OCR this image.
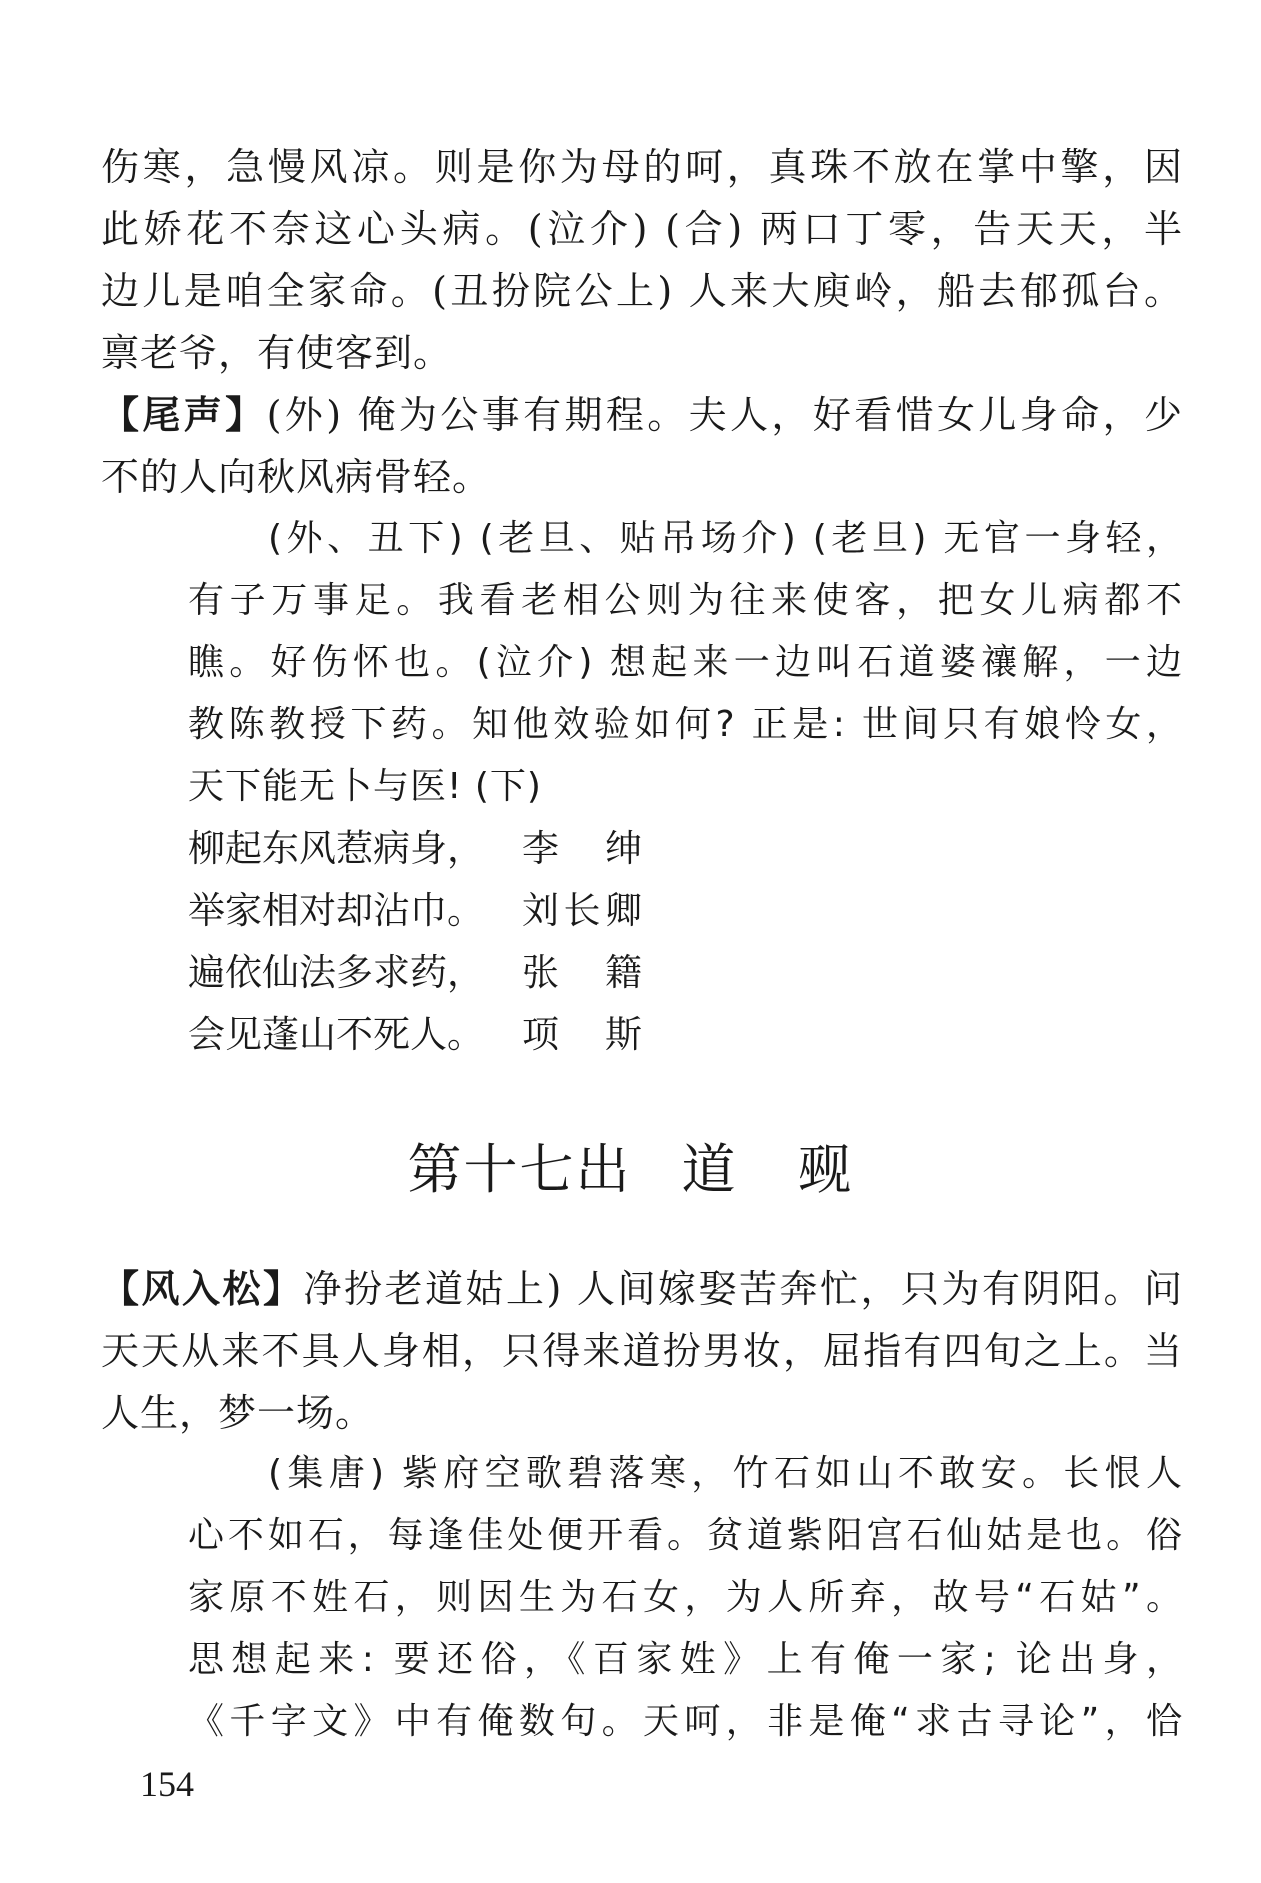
伤寒，急慢风凉。则是你为母的呵，真珠不放在掌中擎，因
此娇花不奈这心头病。(泣介) (合) 两口丁零，告天天，半
边儿是咱全家命。(丑扮院公上) 人来大庾岭，船去郁孤台。
禀老爷，有使客到。
【尾声】(外) 俺为公事有期程。夫人，好看惜女儿身命，少
不的人向秋风病骨轻。
(外、丑下) (老旦、贴吊场介) (老旦) 无官一身轻，
有子万事足。我看老相公则为往来使客，把女儿病都不
瞧。好伤怀也。(泣介) 想起来一边叫石道婆禳解，一边
教陈教授下药。知他效验如何? 正是: 世间只有娘怜女，
天下能无卜与医! (下)
柳起东风惹病身， 李绅
举家相对却沾巾。 刘长卿
遍依仙法多求药， 张籍
会见蓬山不死人。 项斯
第十七出 道 觋
【风入松】净扮老道姑上) 人间嫁娶苦奔忙，只为有阴阳。问
天天从来不具人身相，只得来道扮男妆，屈指有四旬之上。当
人生，梦一场。
(集唐) 紫府空歌碧落寒，竹石如山不敢安。长恨人
心不如石，每逢佳处便开看。贫道紫阳宫石仙姑是也。俗
家原不姓石，则因生为石女，为人所弃，故号“石姑”。
思想起来: 要还俗，《百家姓》上有俺一家; 论出身，
《千字文》中有俺数句。天呵，非是俺“求古寻论”，恰
154
